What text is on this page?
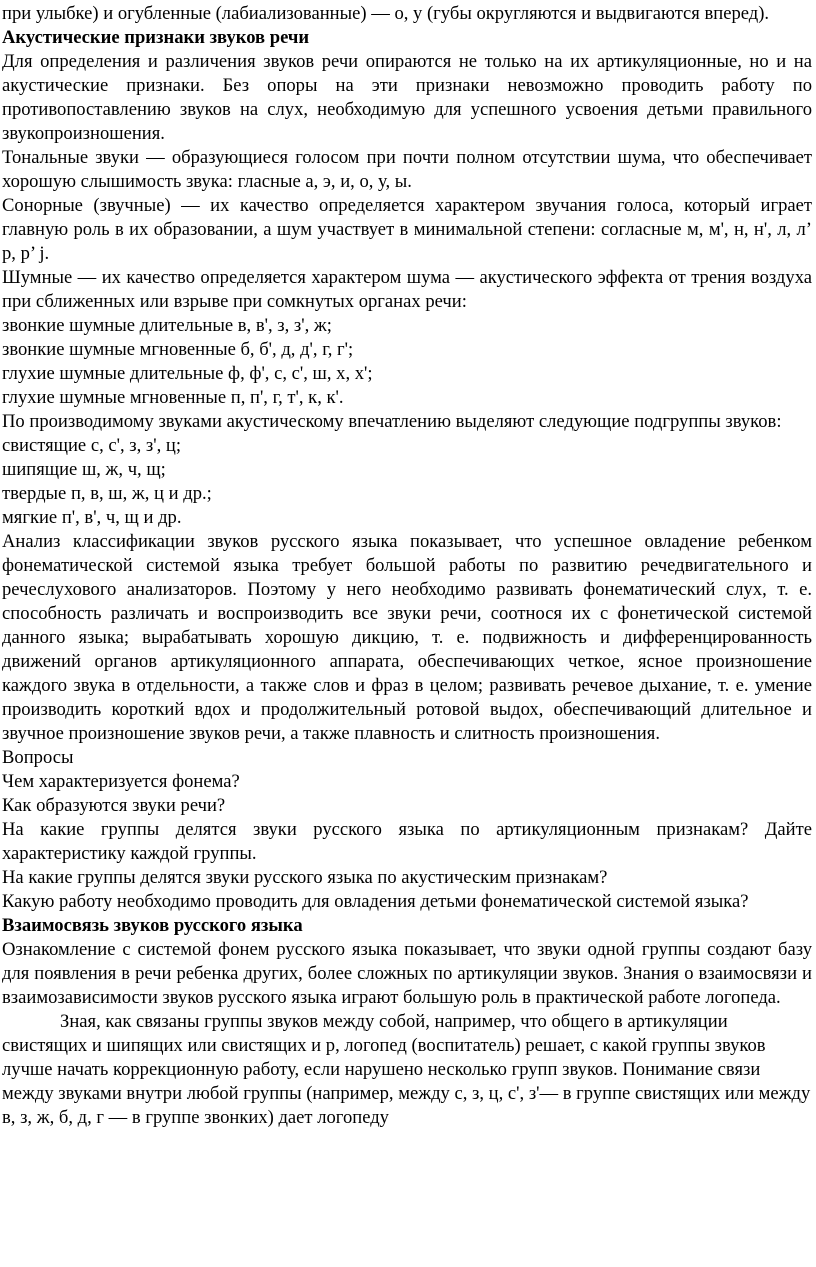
при улыбке) и огубленные (лабиализованные) — о, у (губы округляются и выдвигаются вперед).

Акустические признаки звуков речи

Для определения и различения звуков речи опираются не только на их артикуляционные, но и на акустические признаки. Без опоры на эти признаки невозможно проводить работу по противопоставлению звуков на слух, необходимую для успешного усвоения детьми правильного звукопроизношения.

Тональные звуки — образующиеся голосом при почти полном отсутствии шума, что обеспечивает хорошую слышимость звука: гласные а, э, и, о, у, ы.

Сонорные (звучные) — их качество определяется характером звучания голоса, который играет главную роль в их образовании, а шум участвует в минимальной степени: согласные м, м', н, н', л, л’ р, р’ j.

Шумные — их качество определяется характером шума — акустического эффекта от трения воздуха при сближенных или взрыве при сомкнутых органах речи:

звонкие шумные длительные в, в', з, з', ж;

звонкие шумные мгновенные б, б', д, д', г, г';

глухие шумные длительные ф, ф', с, с', ш, х, х';

глухие шумные мгновенные п, п', г, т', к, к'.

По производимому звуками акустическому впечатлению выделяют следующие подгруппы звуков:

свистящие с, с', з, з', ц;

шипящие ш, ж, ч, щ;

твердые п, в, ш, ж, ц и др.;

мягкие п', в', ч, щ и др.

Анализ классификации звуков русского языка показывает, что успешное овладение ребенком фонематической системой языка требует большой работы по развитию речедвигательного и речеслухового анализаторов. Поэтому у него необходимо развивать фонематический слух, т. е. способность различать и воспроизводить все звуки речи, соотнося их с фонетической системой данного языка; вырабатывать хорошую дикцию, т. е. подвижность и дифференцированность движений органов артикуляционного аппарата, обеспечивающих четкое, ясное произношение каждого звука в отдельности, а также слов и фраз в целом; развивать речевое дыхание, т. е. умение производить короткий вдох и продолжительный ротовой выдох, обеспечивающий длительное и звучное произношение звуков речи, а также плавность и слитность произношения.

Вопросы

Чем характеризуется фонема?

Как образуются звуки речи?

На какие группы делятся звуки русского языка по артикуляционным признакам? Дайте характеристику каждой группы.

На какие группы делятся звуки русского языка по акустическим признакам?

Какую работу необходимо проводить для овладения детьми фонематической системой языка?

Взаимосвязь звуков русского языка

Ознакомление с системой фонем русского языка показывает, что звуки одной группы создают базу для появления в речи ребенка других, более сложных по артикуляции звуков. Знания о взаимосвязи и взаимозависимости звуков русского языка играют большую роль в практической работе логопеда.

Зная, как связаны группы звуков между собой, например, что общего в артикуляции свистящих и шипящих или свистящих и р, логопед (воспитатель) решает, с какой группы звуков лучше начать коррекционную работу, если нарушено несколько групп звуков. Понимание связи между звуками внутри любой группы (например, между с, з, ц, с', з'— в группе свистящих или между в, з, ж, б, д, г — в группе звонких) дает логопеду
